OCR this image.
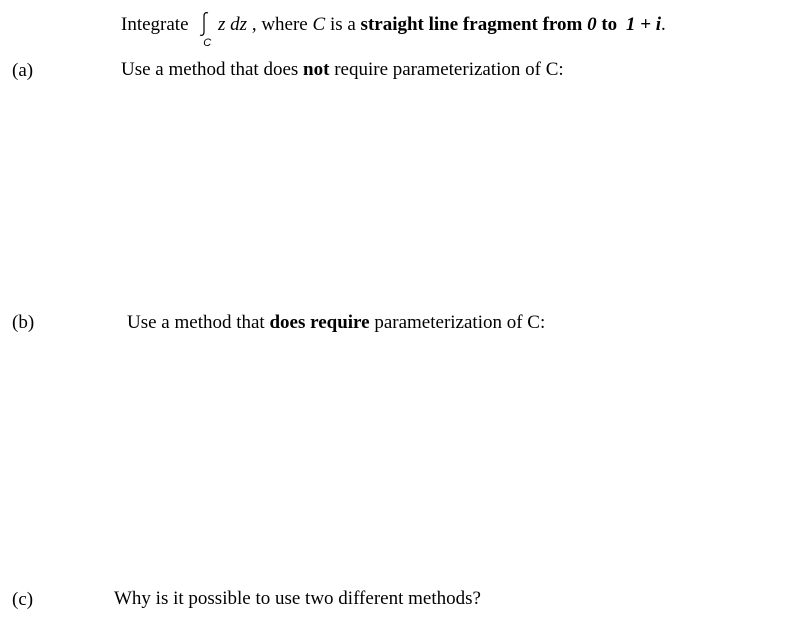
Integrate
C
z dz , where C is a straight line fragment from 0 to 1 + i.
(a)	Use a method that does not require parameterization of C:
(b)	Use a method that does require parameterization of C:
(c)	Why is it possible to use two different methods?
